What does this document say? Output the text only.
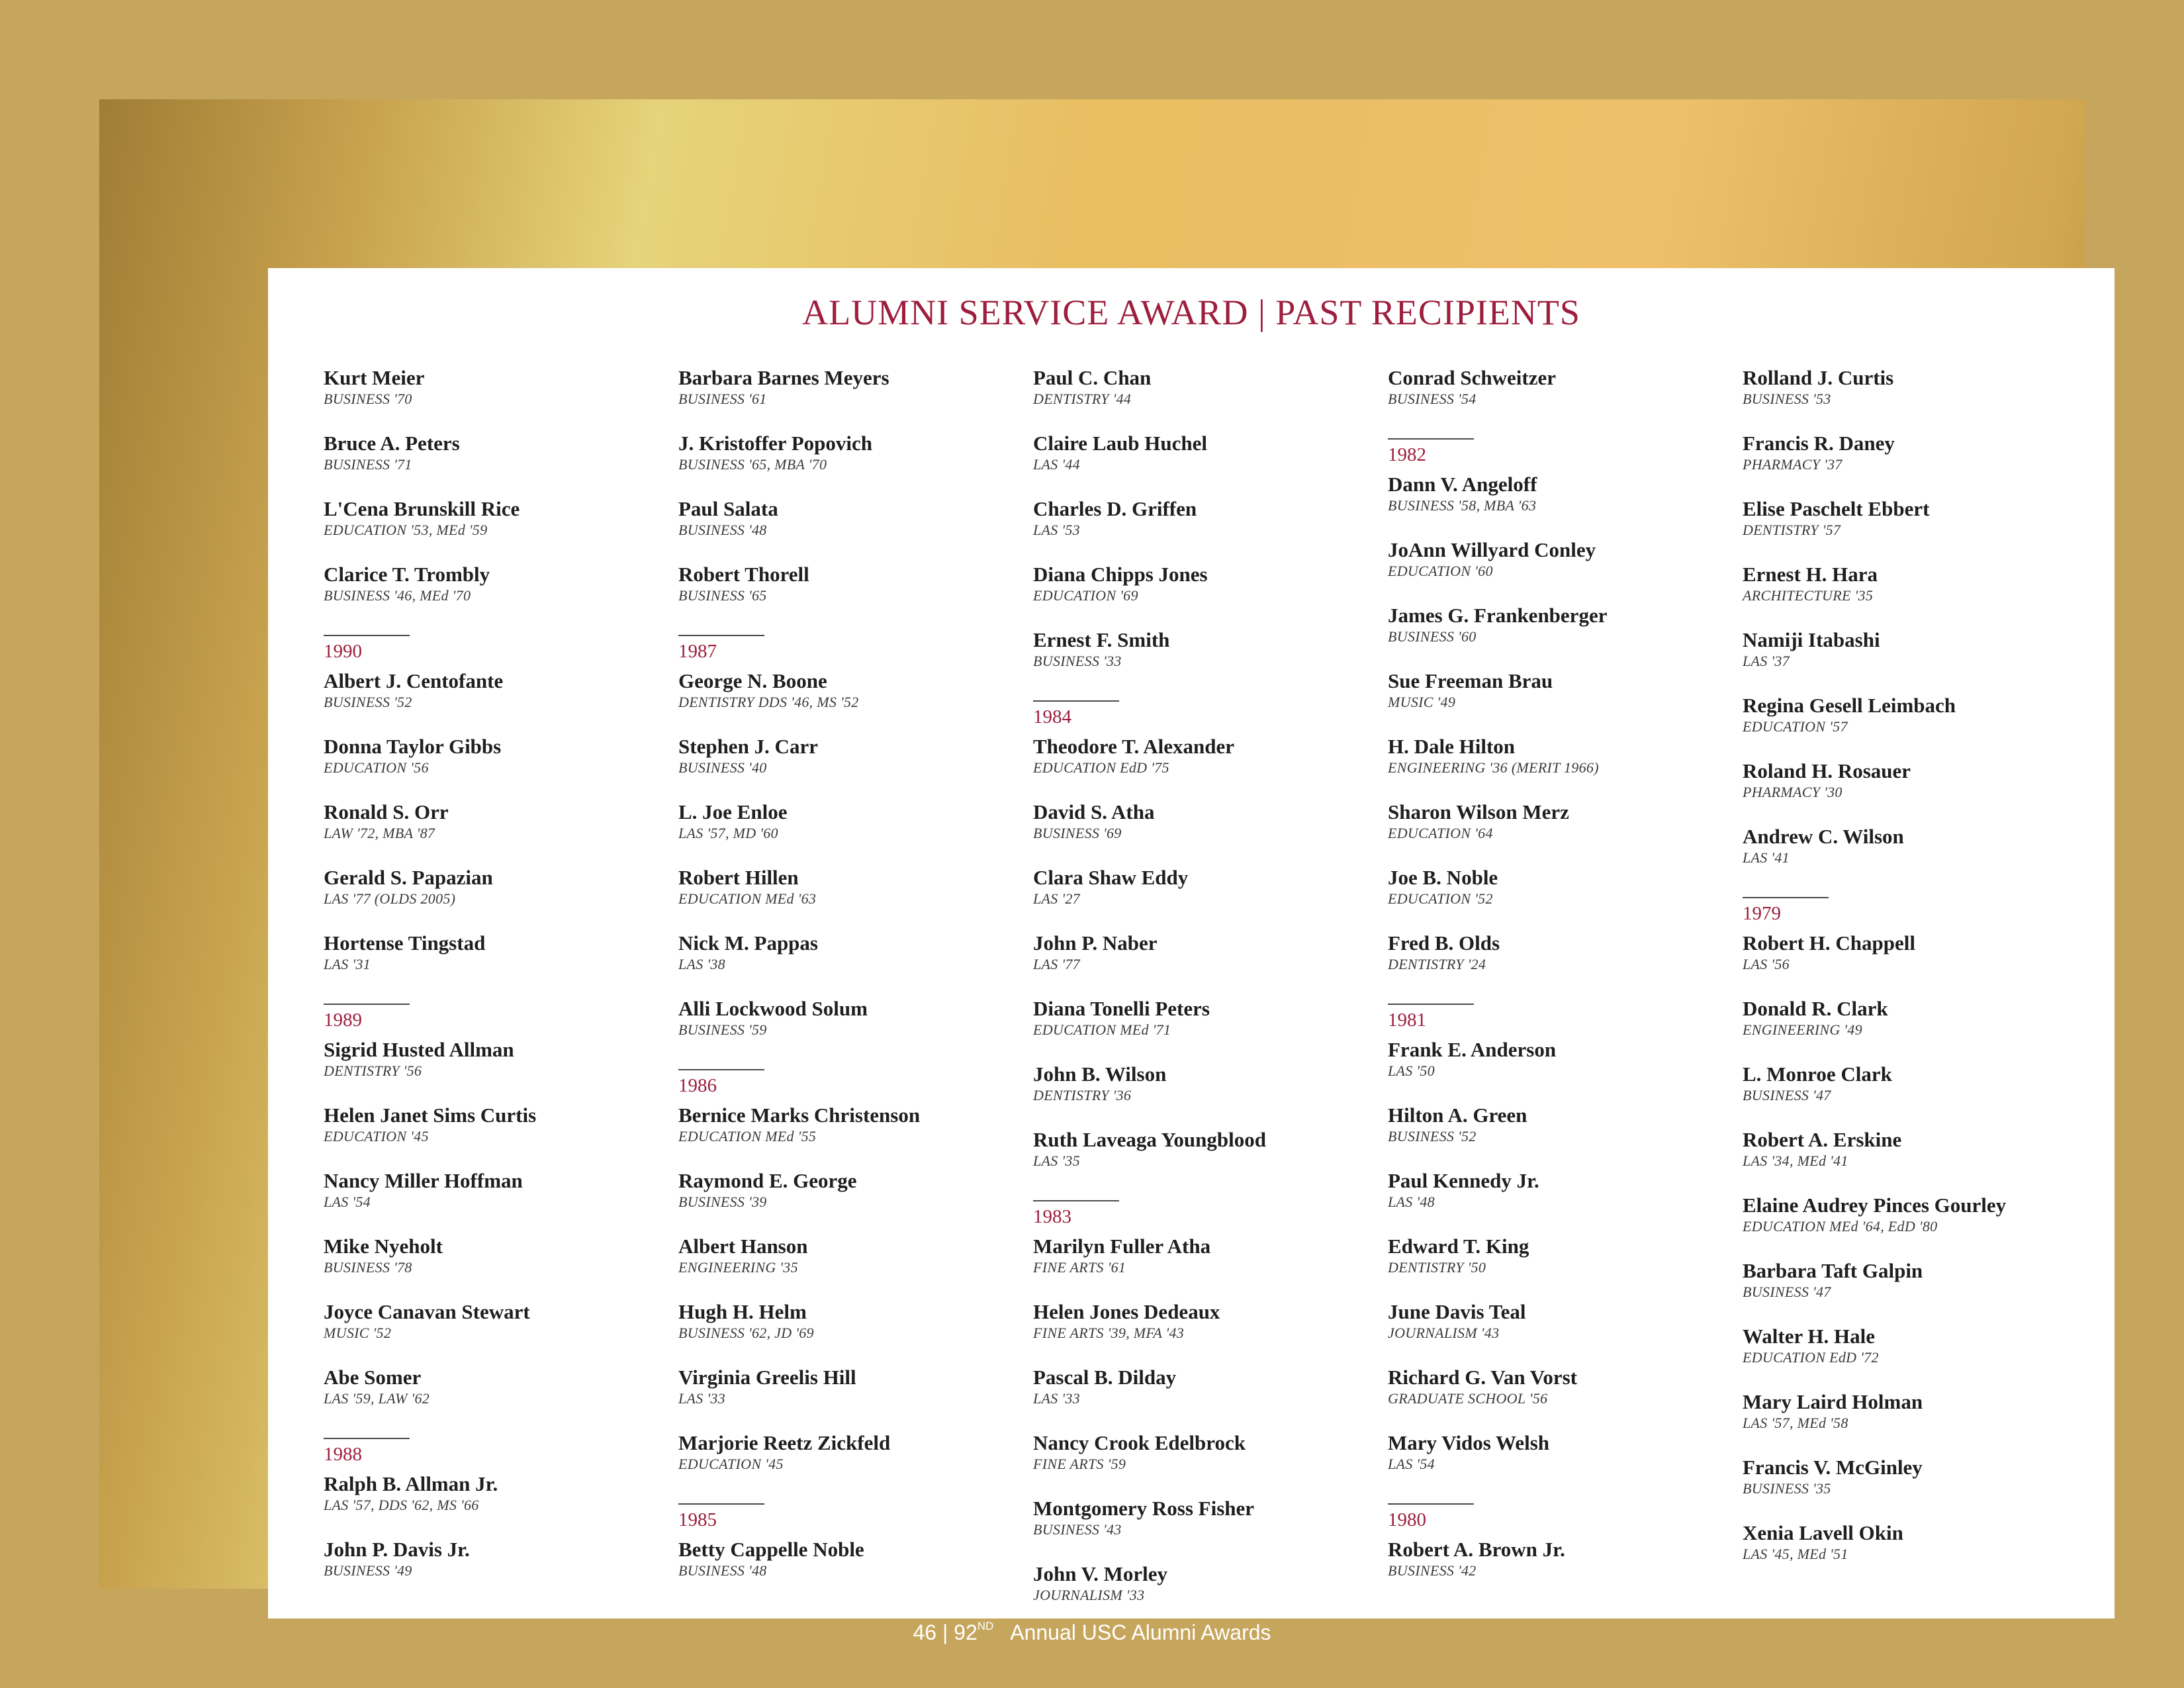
ALUMNI SERVICE AWARD | PAST RECIPIENTS
Kurt Meier
BUSINESS '70
Bruce A. Peters
BUSINESS '71
L'Cena Brunskill Rice
EDUCATION '53, MEd '59
Clarice T. Trombly
BUSINESS '46, MEd '70
1990
Albert J. Centofante
BUSINESS '52
Donna Taylor Gibbs
EDUCATION '56
Ronald S. Orr
LAW '72, MBA '87
Gerald S. Papazian
LAS '77 (OLDS 2005)
Hortense Tingstad
LAS '31
1989
Sigrid Husted Allman
DENTISTRY '56
Helen Janet Sims Curtis
EDUCATION '45
Nancy Miller Hoffman
LAS '54
Mike Nyeholt
BUSINESS '78
Joyce Canavan Stewart
MUSIC '52
Abe Somer
LAS '59, LAW '62
1988
Ralph B. Allman Jr.
LAS '57, DDS '62, MS '66
John P. Davis Jr.
BUSINESS '49
Barbara Barnes Meyers
BUSINESS '61
J. Kristoffer Popovich
BUSINESS '65, MBA '70
Paul Salata
BUSINESS '48
Robert Thorell
BUSINESS '65
1987
George N. Boone
DENTISTRY DDS '46, MS '52
Stephen J. Carr
BUSINESS '40
L. Joe Enloe
LAS '57, MD '60
Robert Hillen
EDUCATION MEd '63
Nick M. Pappas
LAS '38
Alli Lockwood Solum
BUSINESS '59
1986
Bernice Marks Christenson
EDUCATION MEd '55
Raymond E. George
BUSINESS '39
Albert Hanson
ENGINEERING '35
Hugh H. Helm
BUSINESS '62, JD '69
Virginia Greelis Hill
LAS '33
Marjorie Reetz Zickfeld
EDUCATION '45
1985
Betty Cappelle Noble
BUSINESS '48
Paul C. Chan
DENTISTRY '44
Claire Laub Huchel
LAS '44
Charles D. Griffen
LAS '53
Diana Chipps Jones
EDUCATION '69
Ernest F. Smith
BUSINESS '33
1984
Theodore T. Alexander
EDUCATION EdD '75
David S. Atha
BUSINESS '69
Clara Shaw Eddy
LAS '27
John P. Naber
LAS '77
Diana Tonelli Peters
EDUCATION MEd '71
John B. Wilson
DENTISTRY '36
Ruth Laveaga Youngblood
LAS '35
1983
Marilyn Fuller Atha
FINE ARTS '61
Helen Jones Dedeaux
FINE ARTS '39, MFA '43
Pascal B. Dilday
LAS '33
Nancy Crook Edelbrock
FINE ARTS '59
Montgomery Ross Fisher
BUSINESS '43
John V. Morley
JOURNALISM '33
Conrad Schweitzer
BUSINESS '54
1982
Dann V. Angeloff
BUSINESS '58, MBA '63
JoAnn Willyard Conley
EDUCATION '60
James G. Frankenberger
BUSINESS '60
Sue Freeman Brau
MUSIC '49
H. Dale Hilton
ENGINEERING '36 (MERIT 1966)
Sharon Wilson Merz
EDUCATION '64
Joe B. Noble
EDUCATION '52
Fred B. Olds
DENTISTRY '24
1981
Frank E. Anderson
LAS '50
Hilton A. Green
BUSINESS '52
Paul Kennedy Jr.
LAS '48
Edward T. King
DENTISTRY '50
June Davis Teal
JOURNALISM '43
Richard G. Van Vorst
GRADUATE SCHOOL '56
Mary Vidos Welsh
LAS '54
1980
Robert A. Brown Jr.
BUSINESS '42
Rolland J. Curtis
BUSINESS '53
Francis R. Daney
PHARMACY '37
Elise Paschelt Ebbert
DENTISTRY '57
Ernest H. Hara
ARCHITECTURE '35
Namiji Itabashi
LAS '37
Regina Gesell Leimbach
EDUCATION '57
Roland H. Rosauer
PHARMACY '30
Andrew C. Wilson
LAS '41
1979
Robert H. Chappell
LAS '56
Donald R. Clark
ENGINEERING '49
L. Monroe Clark
BUSINESS '47
Robert A. Erskine
LAS '34, MEd '41
Elaine Audrey Pinces Gourley
EDUCATION MEd '64, EdD '80
Barbara Taft Galpin
BUSINESS '47
Walter H. Hale
EDUCATION EdD '72
Mary Laird Holman
LAS '57, MEd '58
Francis V. McGinley
BUSINESS '35
Xenia Lavell Okin
LAS '45, MEd '51
46 | 92ND Annual USC Alumni Awards
